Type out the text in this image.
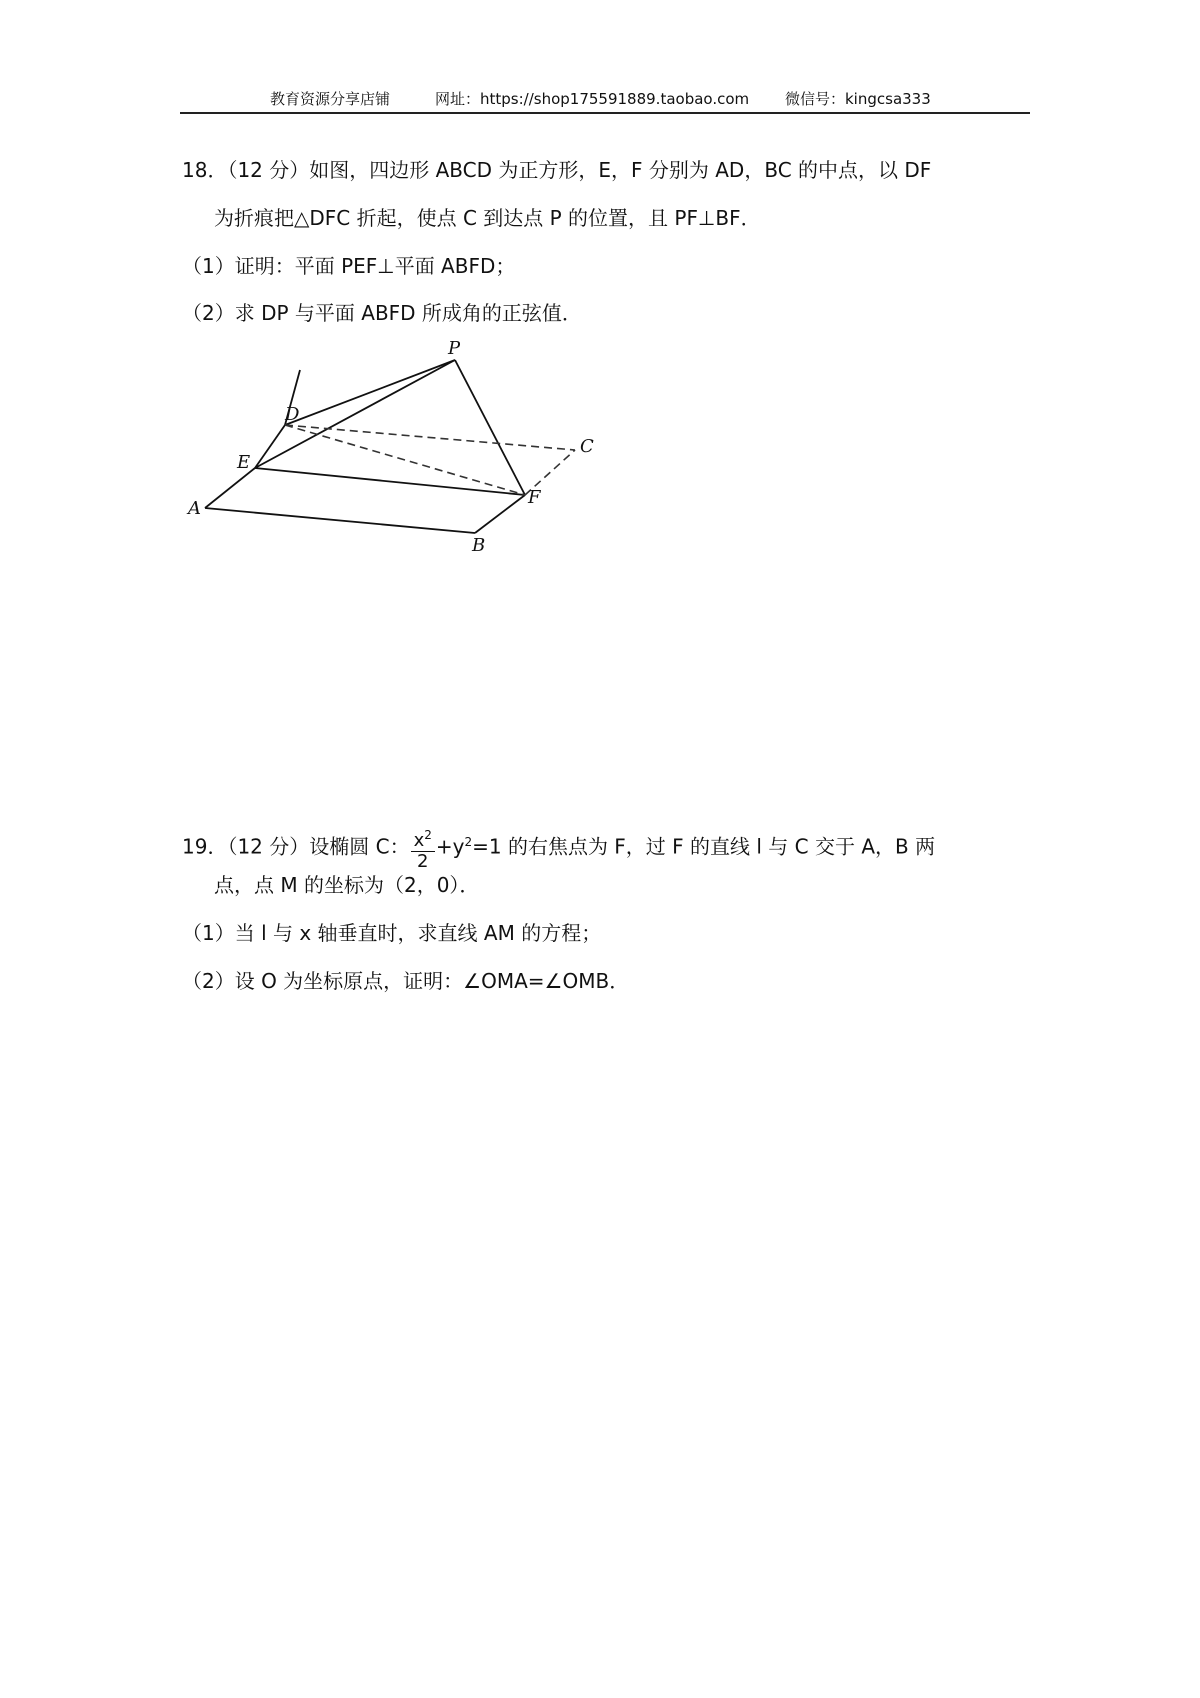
教育资源分享店铺	网址：https://shop175591889.taobao.com 微信号：kingcsa333
18．（12 分）如图，四边形 ABCD 为正方形，E，F 分别为 AD，BC 的中点，以 DF
为折痕把△DFC 折起，使点 C 到达点 P 的位置，且 PF⊥BF．
（1）证明：平面 PEF⊥平面 ABFD；
（2）求 DP 与平面 ABFD 所成角的正弦值．
P
D
C
E
F
A
B
19．（12 分）设椭圆 C： $\frac{x^2}{2} +y^2=1$ 的右焦点为 F，过 F 的直线 l 与 C 交于 A，B 两
点，点 M 的坐标为（2，0）．
（1）当 l 与 x 轴垂直时，求直线 AM 的方程；
（2）设 O 为坐标原点，证明：∠OMA=∠OMB．
